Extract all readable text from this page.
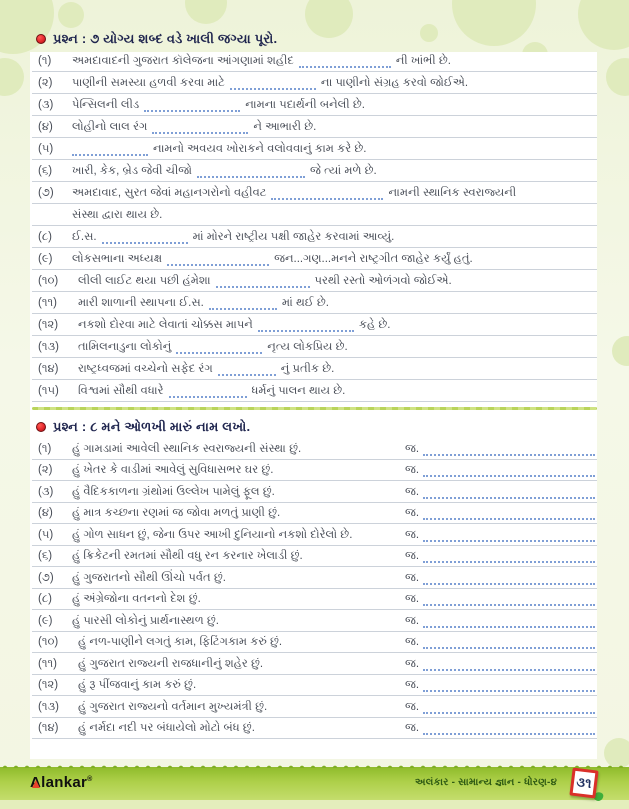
પ્રશ્ન : ૭ યોગ્ય શબ્દ વડે ખાલી જગ્યા પૂરો.
(૧)	અમદાવાદની ગુજરાત કૉલેજના આંગણામાં શહીદ	ની ખાંભી છે.
(૨)	પાણીની સમસ્યા હળવી કરવા માટે	ના પાણીનો સંગ્રહ કરવો જોઈએ.
(૩)	પેન્સિલની લીડ	નામના પદાર્થની બનેલી છે.
(૪)	લોહીનો લાલ રંગ	ને આભારી છે.
(૫)	નામનો અવયવ ખોરાકને વલોવવાનું કામ કરે છે.
(૬)	ખારી, કેક, બ્રેડ જેવી ચીજો	જે ત્યાં મળે છે.
(૭)	અમદાવાદ, સુરત જેવાં મહાનગરોનો વહીવટ	નામની સ્થાનિક સ્વરાજ્યની
સંસ્થા દ્વારા થાય છે.
(૮)	ઈ.સ.	માં મોરને રાષ્ટ્રીય પક્ષી જાહેર કરવામાં આવ્યું.
(૯)	લોકસભાના અધ્યક્ષ	જન...ગણ...મનને રાષ્ટ્રગીત જાહેર કર્યું હતું.
(૧૦)	લીલી લાઈટ થયા પછી હંમેશા	પરથી રસ્તો ઓળંગવો જોઈએ.
(૧૧)	મારી શાળાની સ્થાપના ઈ.સ.	માં થઈ છે.
(૧૨)	નકશો દોરવા માટે લેવાતાં ચોક્કસ માપને	કહે છે.
(૧૩)	તામિલનાડુના લોકોનું	નૃત્ય લોકપ્રિય છે.
(૧૪)	રાષ્ટ્રધ્વજમાં વચ્ચેનો સફેદ રંગ	નું પ્રતીક છે.
(૧૫)	વિશ્વમાં સૌથી વધારે	ધર્મનું પાલન થાય છે.
પ્રશ્ન : ૮ મને ઓળખી મારું નામ લખો.
(૧)	હું ગામડામાં આવેલી સ્થાનિક સ્વરાજ્યની સંસ્થા છું.	જ.
(૨)	હું ખેતર કે વાડીમાં આવેલું સુવિધાસભર ઘર છું.	જ.
(૩)	હું વૈદિકકાળના ગ્રંથોમાં ઉલ્લેખ પામેલું ફૂલ છું.	જ.
(૪)	હું માત્ર કચ્છના રણમાં જ જોવા મળતું પ્રાણી છું.	જ.
(૫)	હું ગોળ સાધન છું, જેના ઉપર આખી દુનિયાનો નકશો દોરેલો છે.	જ.
(૬)	હું ક્રિકેટની રમતમાં સૌથી વધુ રન કરનાર ખેલાડી છું.	જ.
(૭)	હું ગુજરાતનો સૌથી ઊંચો પર્વત છું.	જ.
(૮)	હું અંગ્રેજોના વતનનો દેશ છું.	જ.
(૯)	હું પારસી લોકોનું પ્રાર્થનાસ્થળ છું.	જ.
(૧૦)	હું નળ-પાણીને લગતું કામ, ફિટિંગકામ કરું છું.	જ.
(૧૧)	હું ગુજરાત રાજ્યની રાજધાનીનું શહેર છું.	જ.
(૧૨)	હું રૂ પીંજવાનું કામ કરું છું.	જ.
(૧૩)	હું ગુજરાત રાજ્યનો વર્તમાન મુખ્યમંત્રી છું.	જ.
(૧૪)	હું નર્મદા નદી પર બંધાયેલો મોટો બંધ છું.	જ.
Alankar®	અલંકાર - સામાન્ય જ્ઞાન - ધોરણ-૪ ૩૧
